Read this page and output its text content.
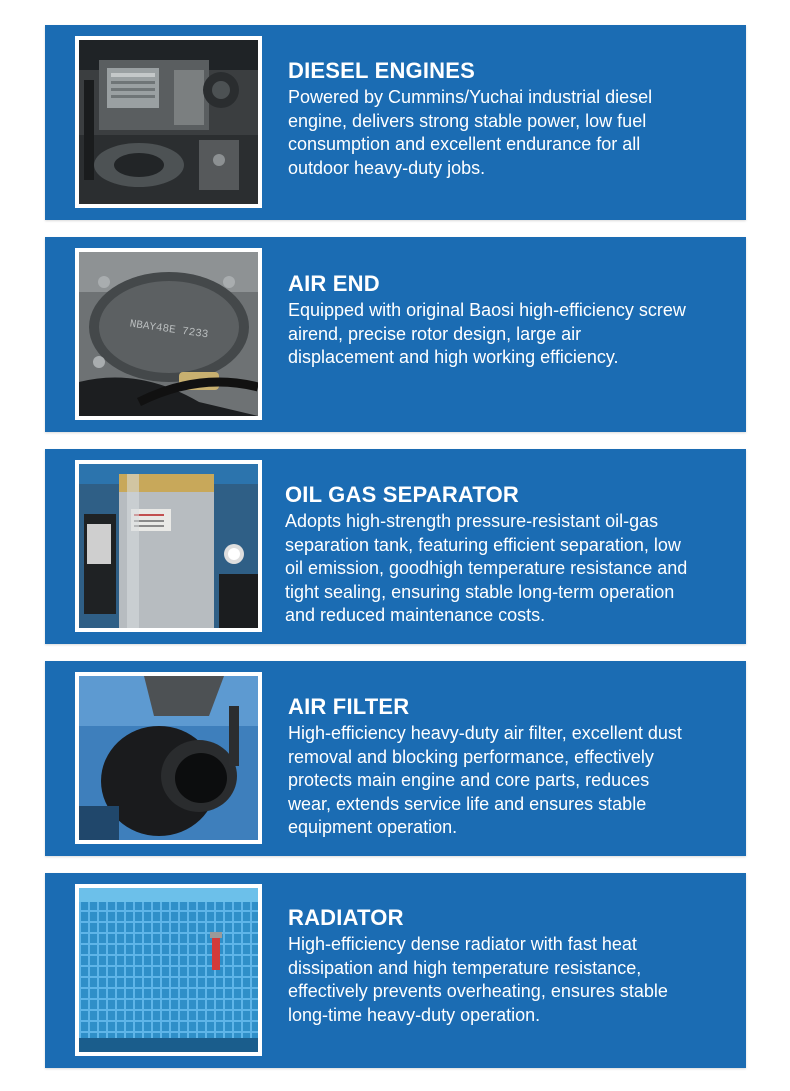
DIESEL ENGINES

Powered by Cummins/Yuchai industrial diesel
engine, delivers strong stable power, low fuel
consumption and excellent endurance for all
outdoor heavy-duty jobs.

NBAY48E 7233
AIR END

Equipped with original Baosi high-efficiency screw
airend, precise rotor design, large air
displacement and high working efficiency.

OIL GAS SEPARATOR

Adopts high-strength pressure-resistant oil-gas
separation tank, featuring efficient separation, low
oil emission, goodhigh temperature resistance and
tight sealing, ensuring stable long-term operation
and reduced maintenance costs.

AIR FILTER

High-efficiency heavy-duty air filter, excellent dust
removal and blocking performance, effectively
protects main engine and core parts, reduces
wear, extends service life and ensures stable
equipment operation.

RADIATOR

High-efficiency dense radiator with fast heat
dissipation and high temperature resistance,
effectively prevents overheating, ensures stable
long-time heavy-duty operation.
